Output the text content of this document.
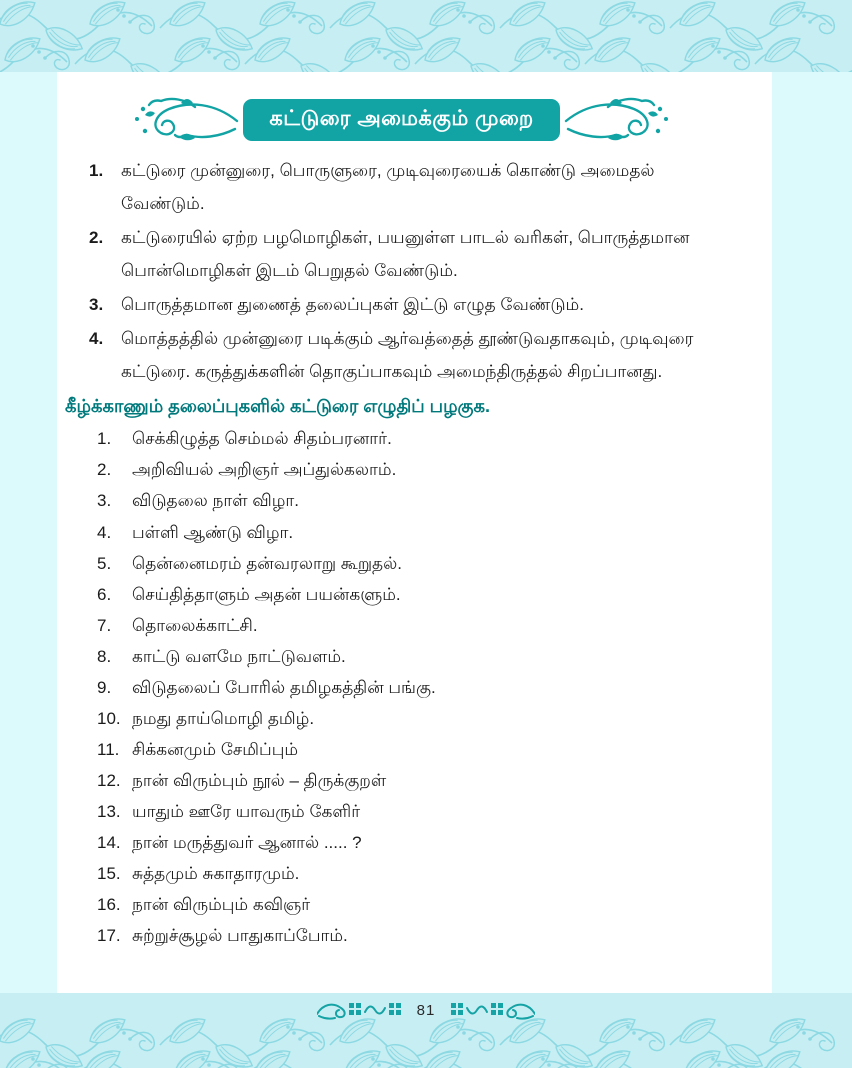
81
கட்டுரை அமைக்கும் முறை
1.	கட்டுரை முன்னுரை, பொருளுரை, முடிவுரையைக் கொண்டு அமைதல் வேண்டும்.
2.	கட்டுரையில் ஏற்ற பழமொழிகள், பயனுள்ள பாடல் வரிகள், பொருத்தமான பொன்மொழிகள் இடம் பெறுதல் வேண்டும்.
3.	பொருத்தமான துணைத் தலைப்புகள் இட்டு எழுத வேண்டும்.
4.	மொத்தத்தில் முன்னுரை படிக்கும் ஆர்வத்தைத் தூண்டுவதாகவும், முடிவுரை கட்டுரை. கருத்துக்களின் தொகுப்பாகவும் அமைந்திருத்தல் சிறப்பானது.
கீழ்க்காணும் தலைப்புகளில் கட்டுரை எழுதிப் பழகுக.
1.	செக்கிழுத்த செம்மல் சிதம்பரனார்.
2.	அறிவியல் அறிஞர் அப்துல்கலாம்.
3.	விடுதலை நாள் விழா.
4.	பள்ளி ஆண்டு விழா.
5.	தென்னைமரம் தன்வரலாறு கூறுதல்.
6.	செய்தித்தாளும் அதன் பயன்களும்.
7.	தொலைக்காட்சி.
8.	காட்டு வளமே நாட்டுவளம்.
9.	விடுதலைப் போரில் தமிழகத்தின் பங்கு.
10. நமது தாய்மொழி தமிழ்.
11. சிக்கனமும் சேமிப்பும்
12. நான் விரும்பும் நூல் – திருக்குறள்
13. யாதும் ஊரே யாவரும் கேளிர்
14. நான் மருத்துவர் ஆனால் ..... ?
15. சுத்தமும் சுகாதாரமும்.
16. நான் விரும்பும் கவிஞர்
17. சுற்றுச்சூழல் பாதுகாப்போம்.
